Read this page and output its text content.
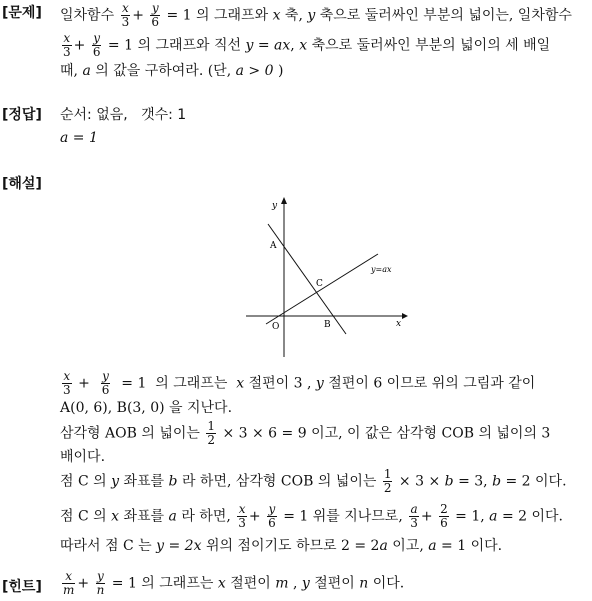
[문제] 일차함수 $\frac{x}{3} + \frac{y}{6} = 1$ 의 그래프와 x 축, y 축으로 둘러싸인 부분의 넓이는, 일차함수
$\frac{x}{3} + \frac{y}{6} = 1$ 의 그래프와 직선 y = ax, x 축으로 둘러싸인 부분의 넓이의 세 배일
때, a 의 값을 구하여라. (단, a > 0 )
[정답] 순서: 없음, 갯수: 1
a = 1
[해설]
y
x
A
B
C
O
y=ax
$\frac{x}{3} + \frac{y}{6} = 1$ 의 그래프는 x 절편이 3 , y 절편이 6 이므로 위의 그림과 같이
A(0, 6), B(3, 0) 을 지난다.
삼각형 AOB 의 넓이는 $\frac{1}{2} \times 3 \times 6 = 9$ 이고, 이 값은 삼각형 COB 의 넓이의 3
배이다.
점 C 의 y 좌표를 b 라 하면, 삼각형 COB 의 넓이는 $\frac{1}{2} \times 3 \times b = 3$, b = 2 이다.
점 C 의 x 좌표를 a 라 하면, $\frac{x}{3} + \frac{y}{6} = 1$ 위를 지나므로, $\frac{a}{3} + \frac{2}{6} = 1$, a = 2 이다.
따라서 점 C 는 y = 2x 위의 점이기도 하므로 2 = 2a 이고, a = 1 이다.
[힌트] $\frac{x}{m} + \frac{y}{n} = 1$ 의 그래프는 x 절편이 m , y 절편이 n 이다.
